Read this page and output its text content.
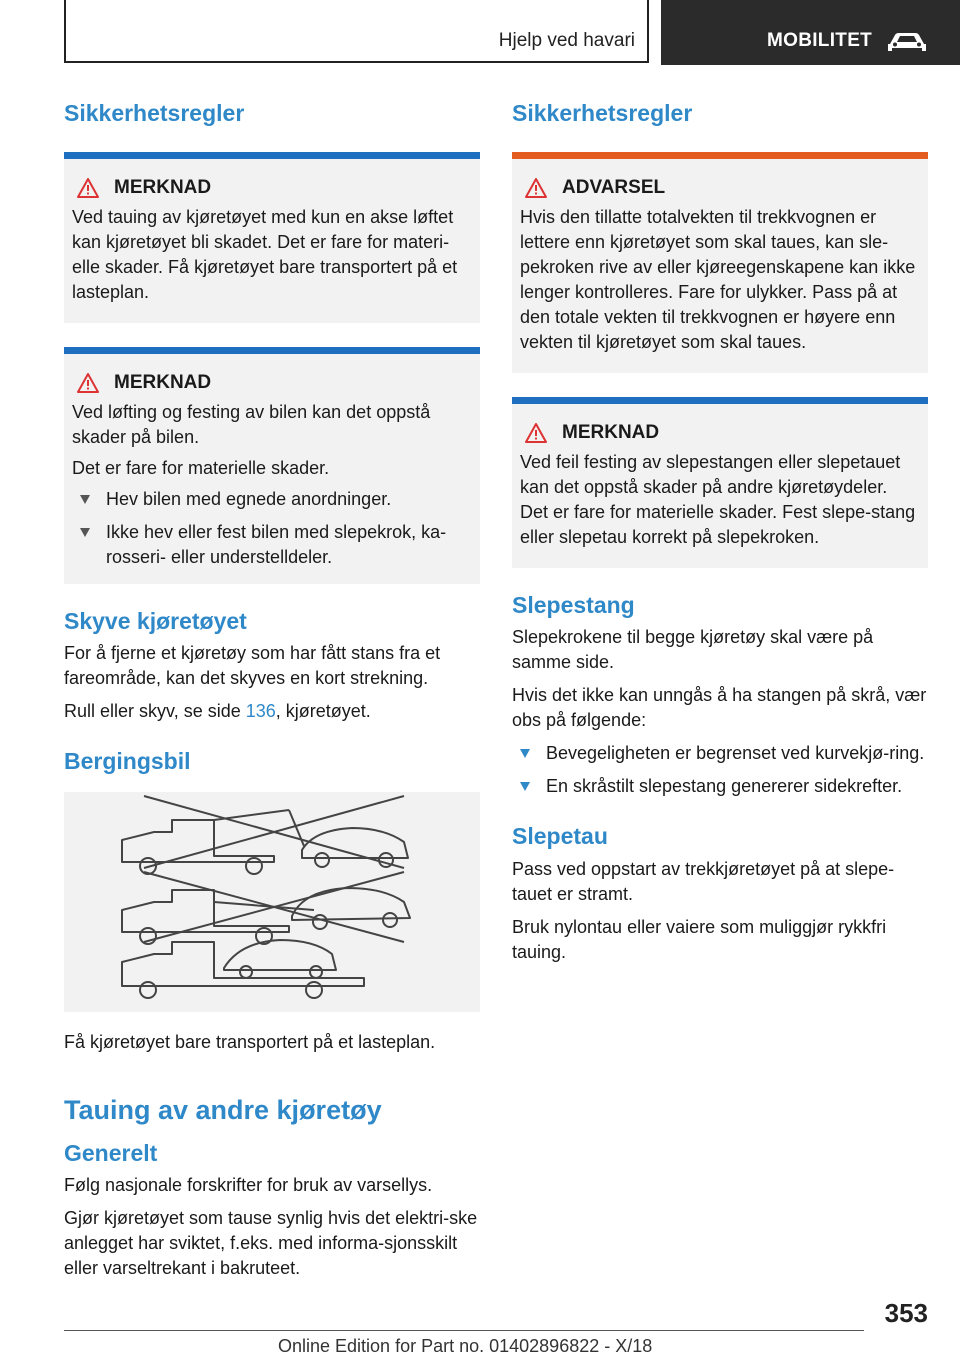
Hjelp ved havari	MOBILITET
Sikkerhetsregler
MERKNAD

Ved tauing av kjøretøyet med kun en akse løftet kan kjøretøyet bli skadet. Det er fare for materi-elle skader. Få kjøretøyet bare transportert på et lasteplan.

MERKNAD

Ved løfting og festing av bilen kan det oppstå skader på bilen.

Det er fare for materielle skader.

Hev bilen med egnede anordninger.
Ikke hev eller fest bilen med slepekrok, ka-rosseri- eller understelldeler.
Skyve kjøretøyet

For å fjerne et kjøretøy som har fått stans fra et fareområde, kan det skyves en kort strekning.

Rull eller skyv, se side 136, kjøretøyet.

Bergingsbil

Få kjøretøyet bare transportert på et lasteplan.

Tauing av andre kjøretøy
Generelt

Følg nasjonale forskrifter for bruk av varsellys.

Gjør kjøretøyet som tause synlig hvis det elektri-ske anlegget har sviktet, f.eks. med informa-sjonsskilt eller varseltrekant i bakruteet.

Sikkerhetsregler
ADVARSEL

Hvis den tillatte totalvekten til trekkvognen er lettere enn kjøretøyet som skal taues, kan sle-pekroken rive av eller kjøreegenskapene kan ikke lenger kontrolleres. Fare for ulykker. Pass på at den totale vekten til trekkvognen er høyere enn vekten til kjøretøyet som skal taues.

MERKNAD

Ved feil festing av slepestangen eller slepetauet kan det oppstå skader på andre kjøretøydeler. Det er fare for materielle skader. Fest slepe-stang eller slepetau korrekt på slepekroken.

Slepestang

Slepekrokene til begge kjøretøy skal være på samme side.

Hvis det ikke kan unngås å ha stangen på skrå, vær obs på følgende:

Bevegeligheten er begrenset ved kurvekjø-ring.
En skråstilt slepestang genererer sidekrefter.
Slepetau

Pass ved oppstart av trekkjøretøyet på at slepe-tauet er stramt.

Bruk nylontau eller vaiere som muliggjør rykkfri tauing.

353
Online Edition for Part no. 01402896822 - X/18
